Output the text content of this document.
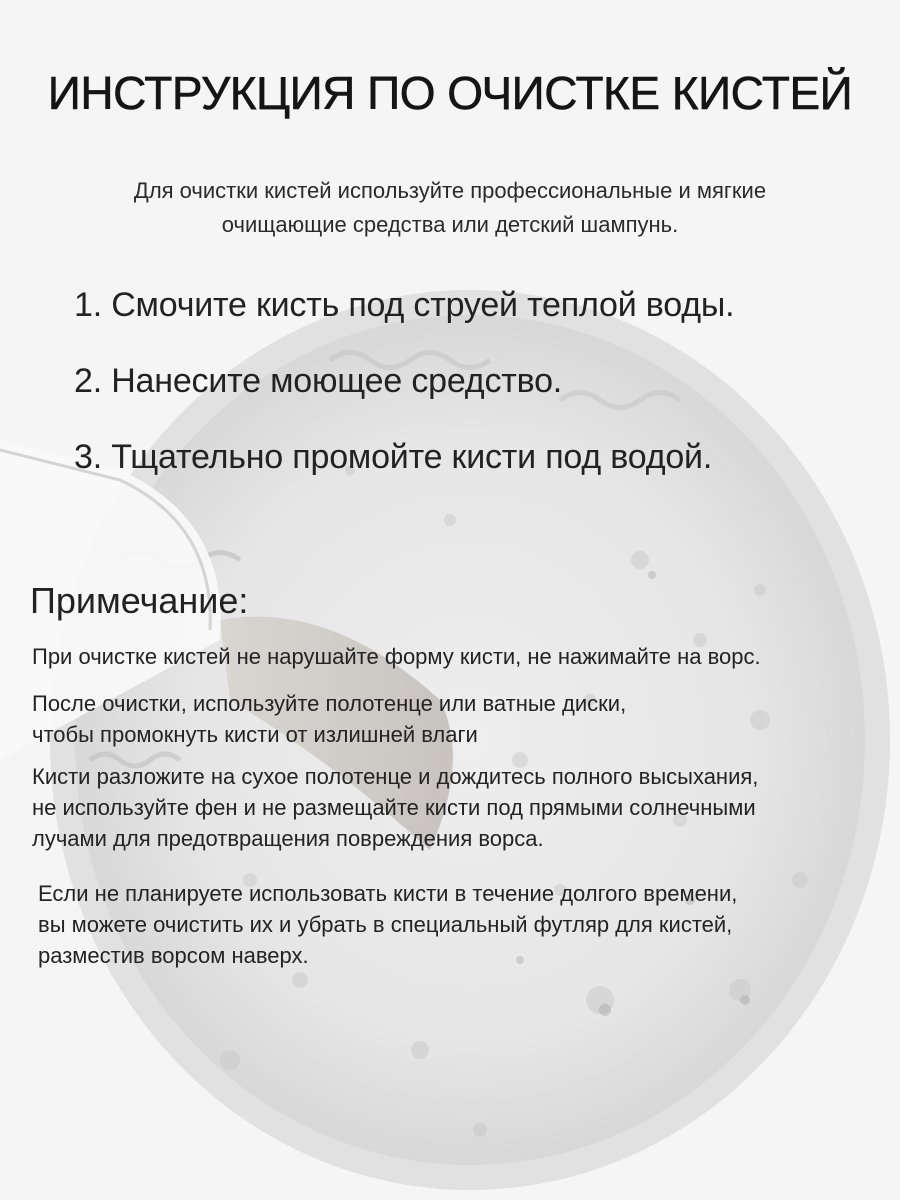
ИНСТРУКЦИЯ ПО ОЧИСТКЕ КИСТЕЙ
Для очистки кистей используйте профессиональные и мягкие
очищающие средства или детский шампунь.
1. Смочите кисть под струей теплой воды.
2. Нанесите моющее средство.
3. Тщательно промойте кисти под водой.
Примечание:
При очистке кистей не нарушайте форму кисти, не нажимайте на ворс.
После очистки, используйте полотенце или ватные диски,
чтобы промокнуть кисти от излишней влаги
Кисти разложите на сухое полотенце и дождитесь полного высыхания,
не используйте фен и не размещайте кисти под прямыми солнечными
лучами для предотвращения повреждения ворса.
Если не планируете использовать кисти в течение долгого времени,
вы можете очистить их и убрать в специальный футляр для кистей,
разместив ворсом наверх.
